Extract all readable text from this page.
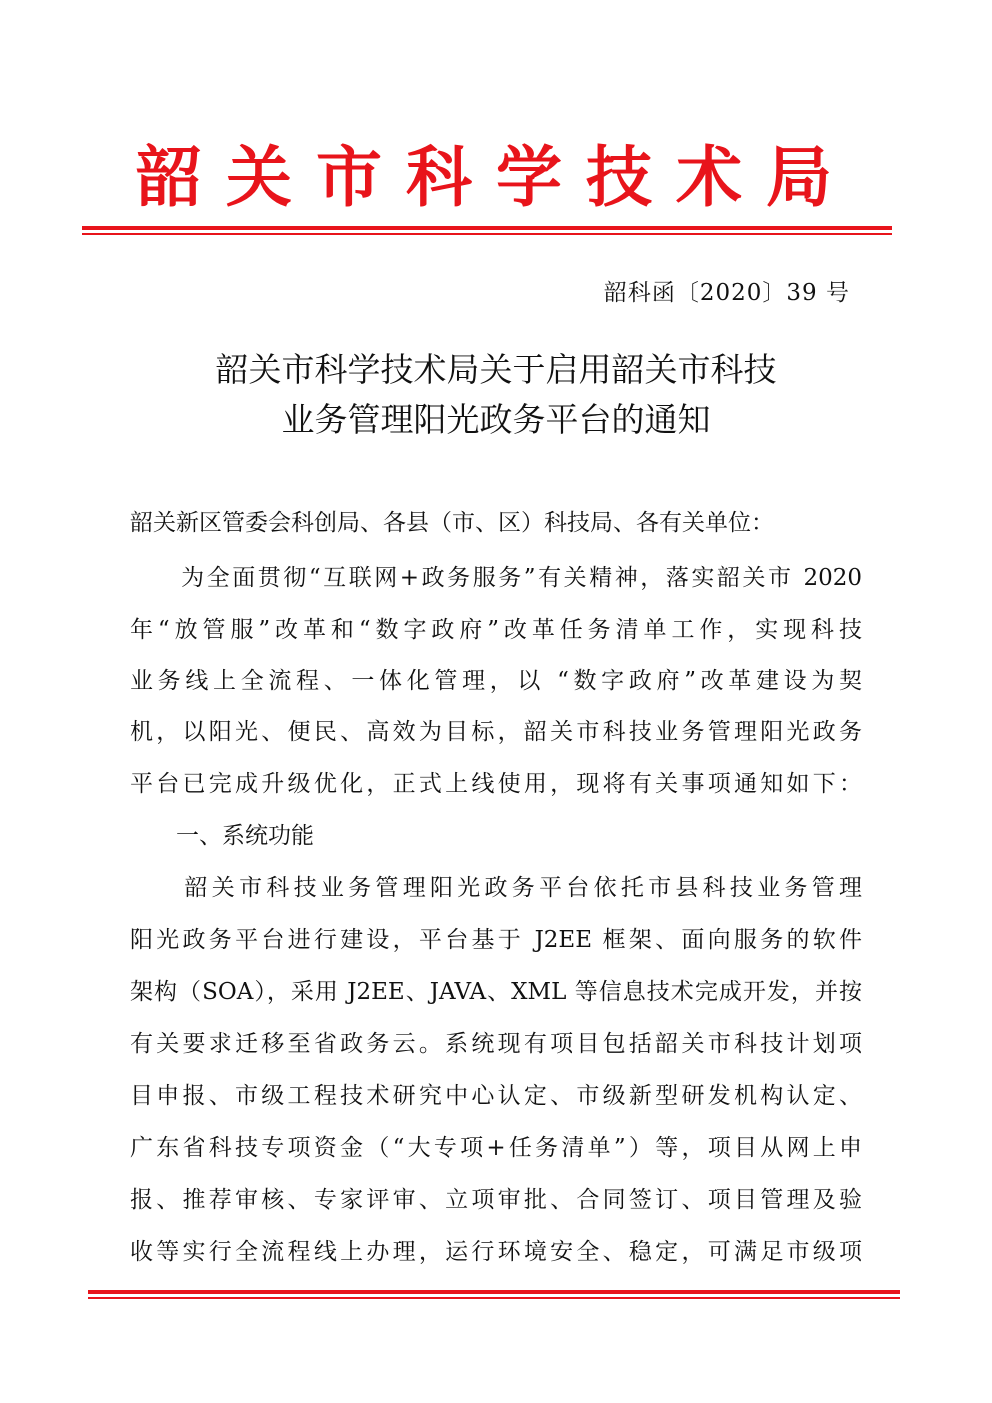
韶关市科学技术局
韶科函〔2020〕39 号
韶关市科学技术局关于启用韶关市科技
业务管理阳光政务平台的通知
韶关新区管委会科创局、各县（市、区）科技局、各有关单位：
　　为全面贯彻“互联网+政务服务”有关精神，落实韶关市 2020
年“放管服”改革和“数字政府”改革任务清单工作，实现科技
业务线上全流程、一体化管理，以 “数字政府”改革建设为契
机，以阳光、便民、高效为目标，韶关市科技业务管理阳光政务
平台已完成升级优化，正式上线使用，现将有关事项通知如下：
　　一、系统功能
　　韶关市科技业务管理阳光政务平台依托市县科技业务管理
阳光政务平台进行建设，平台基于 J2EE 框架、面向服务的软件
架构（SOA），采用 J2EE、JAVA、XML 等信息技术完成开发，并按
有关要求迁移至省政务云。系统现有项目包括韶关市科技计划项
目申报、市级工程技术研究中心认定、市级新型研发机构认定、
广东省科技专项资金（“大专项+任务清单”）等，项目从网上申
报、推荐审核、专家评审、立项审批、合同签订、项目管理及验
收等实行全流程线上办理，运行环境安全、稳定，可满足市级项
